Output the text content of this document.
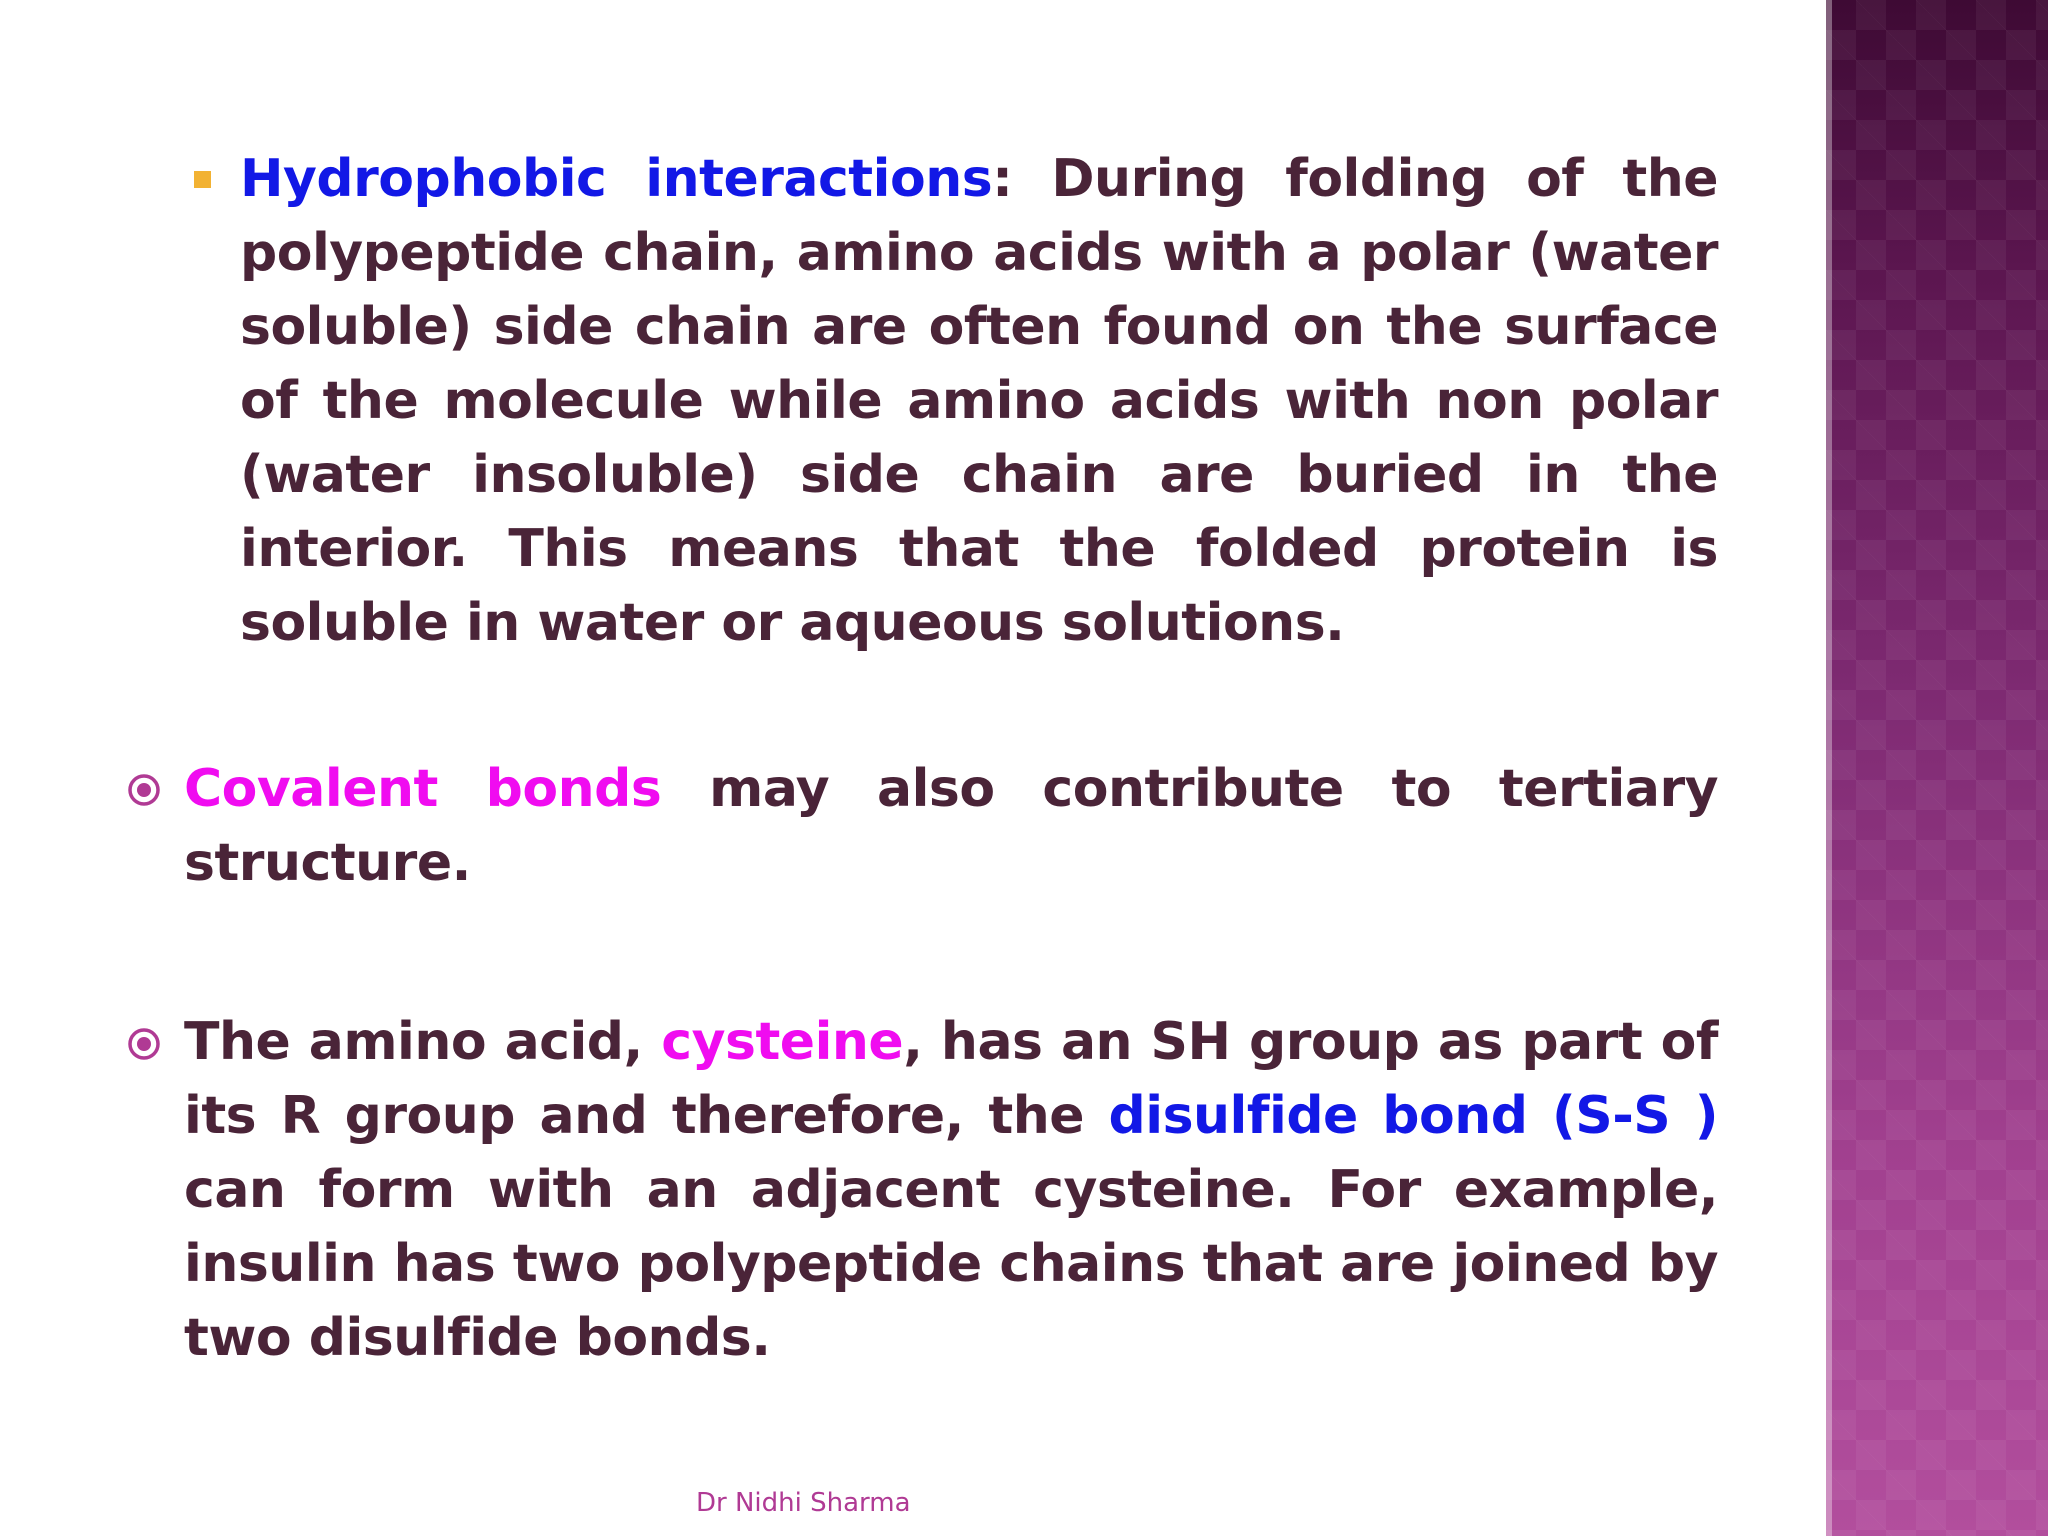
Hydrophobic interactions: During folding of the polypeptide chain, amino acids with a polar (water soluble) side chain are often found on the surface of the molecule while amino acids with non polar (water insoluble) side chain are buried in the interior. This means that the folded protein is soluble in water or aqueous solutions.

Covalent bonds may also contribute to tertiary structure.

The amino acid, cysteine, has an SH group as part of its R group and therefore, the disulfide bond (S-S ) can form with an adjacent cysteine. For example, insulin has two polypeptide chains that are joined by two disulfide bonds.

Dr Nidhi Sharma
